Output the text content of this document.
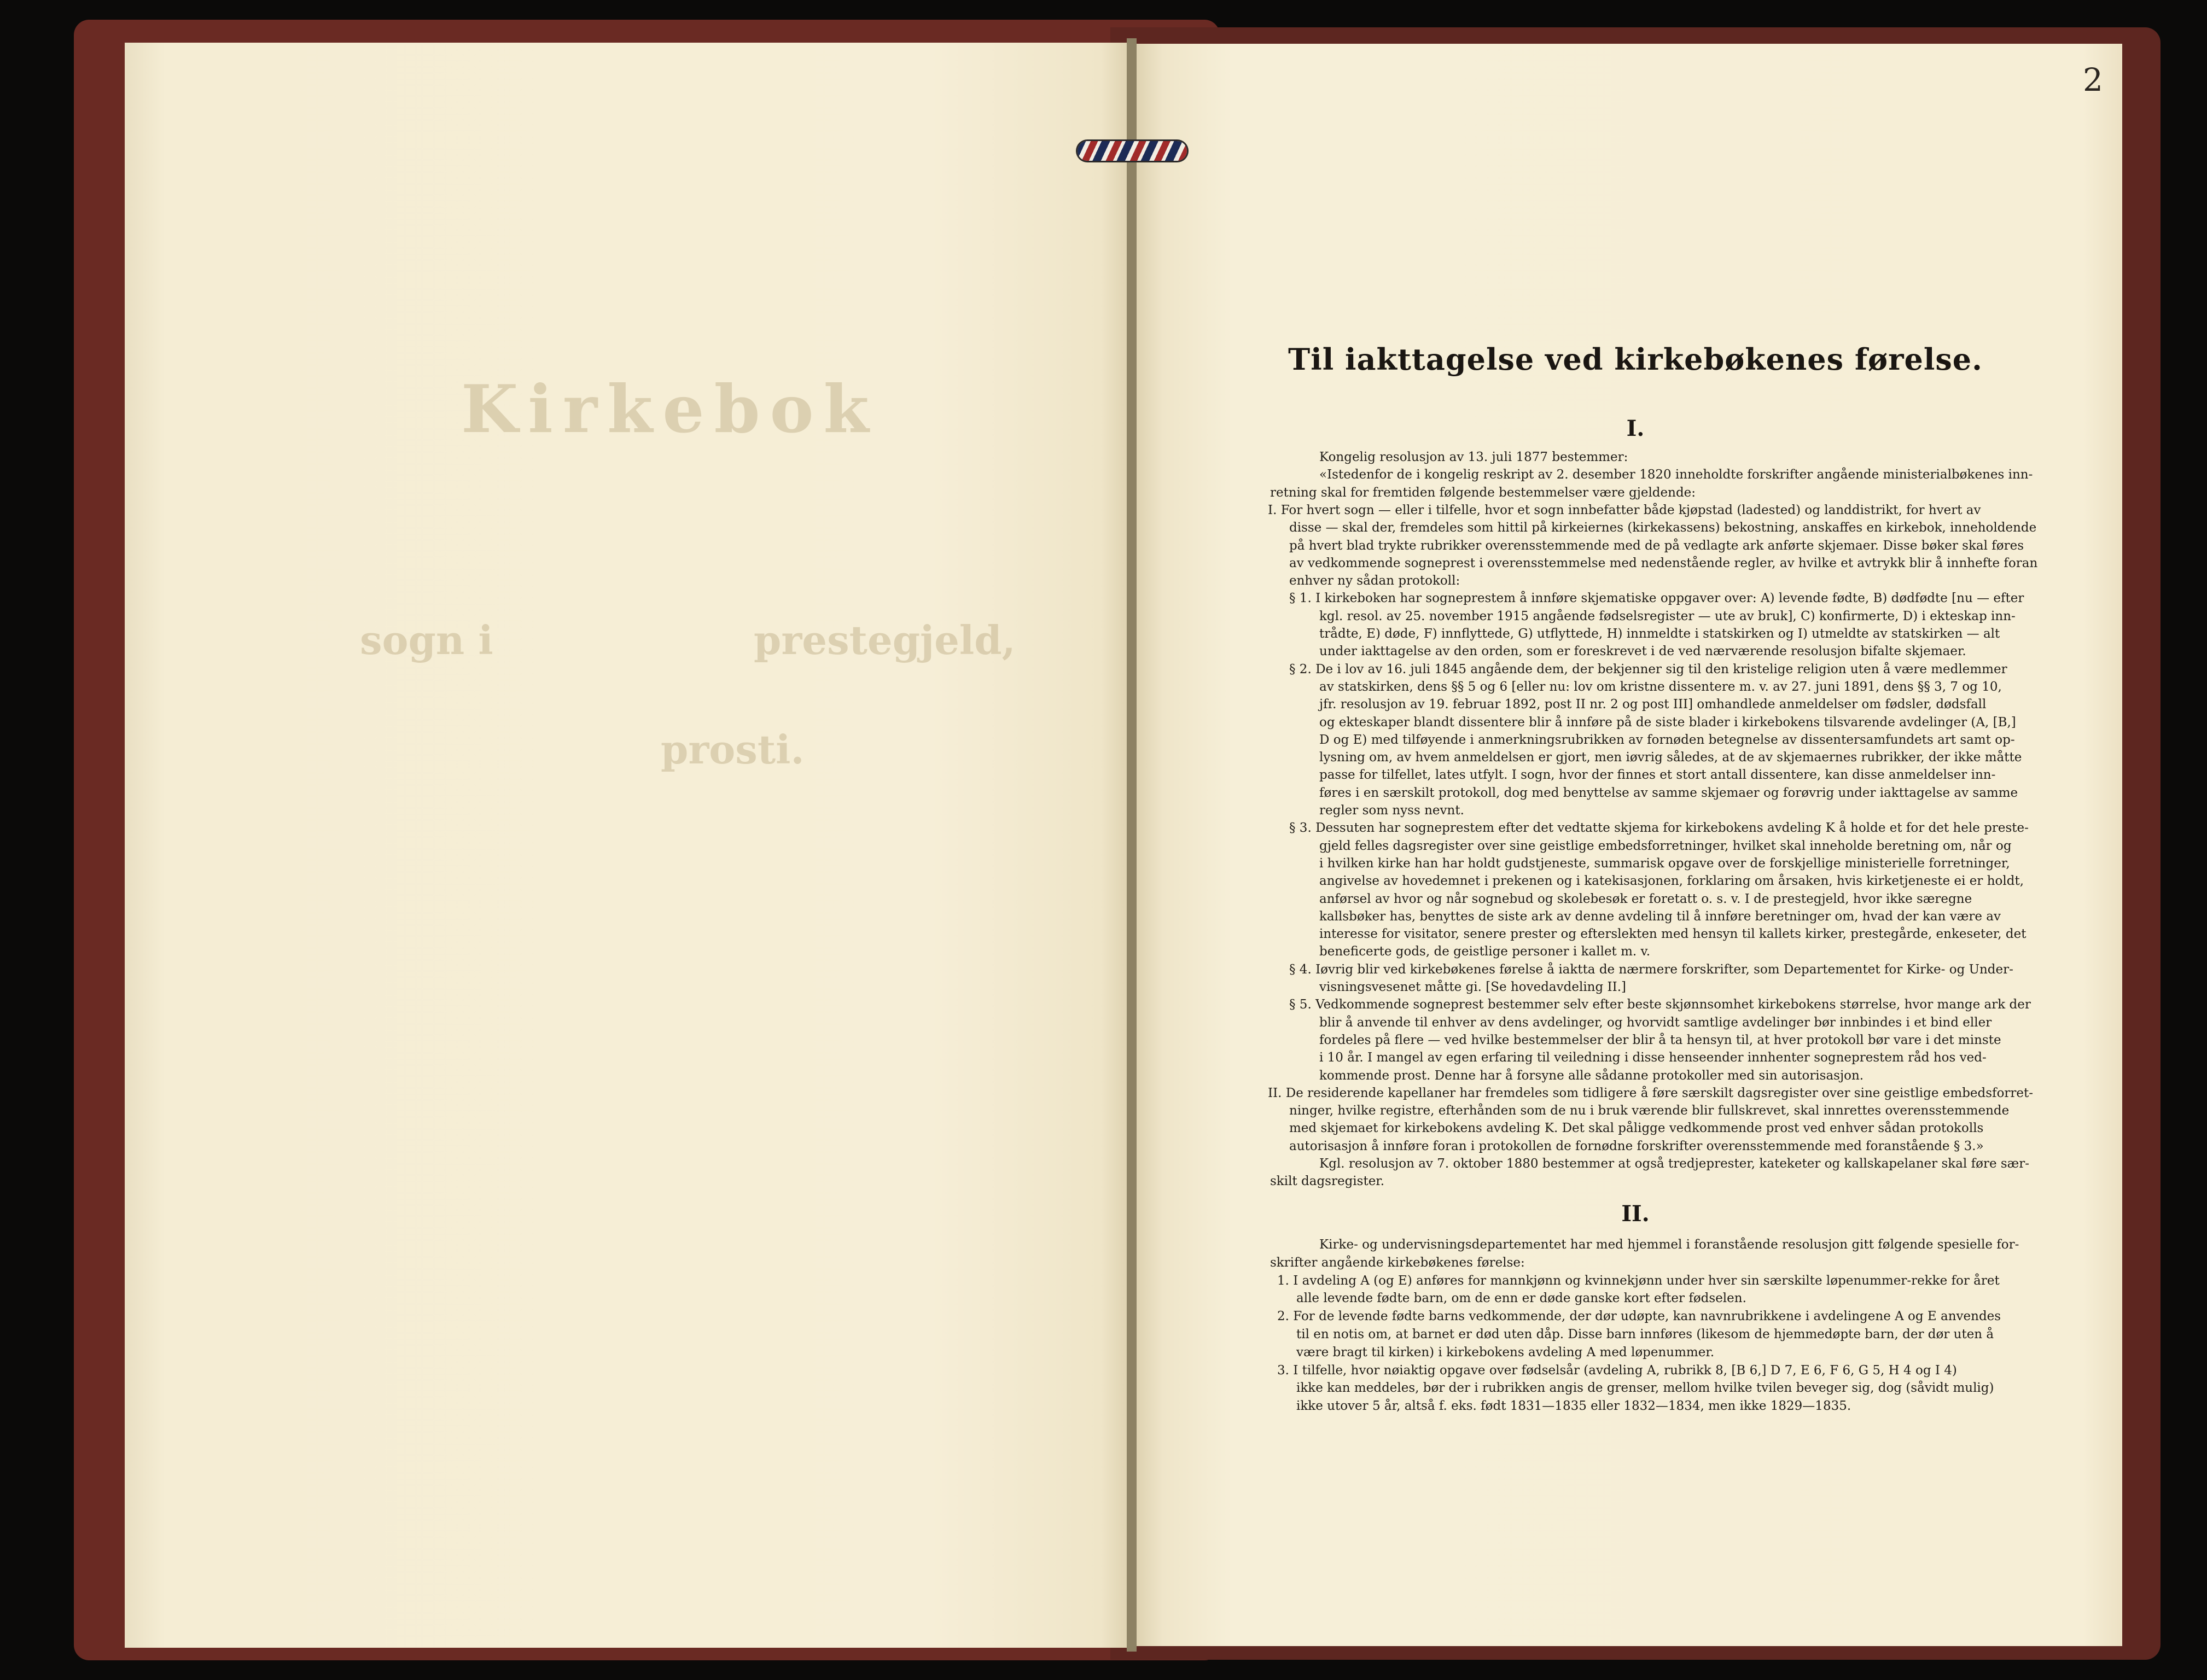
Kirkebok
sogn i	prestegjeld,
prosti.
2
Til iakttagelse ved kirkebøkenes førelse.
I.
Kongelig resolusjon av 13. juli 1877 bestemmer:
«Istedenfor de i kongelig reskript av 2. desember 1820 inneholdte forskrifter angående ministerialbøkenes inn-
retning skal for fremtiden følgende bestemmelser være gjeldende:
I. For hvert sogn — eller i tilfelle, hvor et sogn innbefatter både kjøpstad (ladested) og landdistrikt, for hvert av
disse — skal der, fremdeles som hittil på kirkeiernes (kirkekassens) bekostning, anskaffes en kirkebok, inneholdende
på hvert blad trykte rubrikker overensstemmende med de på vedlagte ark anførte skjemaer. Disse bøker skal føres
av vedkommende sogneprest i overensstemmelse med nedenstående regler, av hvilke et avtrykk blir å innhefte foran
enhver ny sådan protokoll:
§ 1. I kirkeboken har sogneprestem å innføre skjematiske oppgaver over: A) levende fødte, B) dødfødte [nu — efter
kgl. resol. av 25. november 1915 angående fødselsregister — ute av bruk], C) konfirmerte, D) i ekteskap inn-
trådte, E) døde, F) innflyttede, G) utflyttede, H) innmeldte i statskirken og I) utmeldte av statskirken — alt
under iakttagelse av den orden, som er foreskrevet i de ved nærværende resolusjon bifalte skjemaer.
§ 2. De i lov av 16. juli 1845 angående dem, der bekjenner sig til den kristelige religion uten å være medlemmer
av statskirken, dens §§ 5 og 6 [eller nu: lov om kristne dissentere m. v. av 27. juni 1891, dens §§ 3, 7 og 10,
jfr. resolusjon av 19. februar 1892, post II nr. 2 og post III] omhandlede anmeldelser om fødsler, dødsfall
og ekteskaper blandt dissentere blir å innføre på de siste blader i kirkebokens tilsvarende avdelinger (A, [B,]
D og E) med tilføyende i anmerkningsrubrikken av fornøden betegnelse av dissentersamfundets art samt op-
lysning om, av hvem anmeldelsen er gjort, men iøvrig således, at de av skjemaernes rubrikker, der ikke måtte
passe for tilfellet, lates utfylt. I sogn, hvor der finnes et stort antall dissentere, kan disse anmeldelser inn-
føres i en særskilt protokoll, dog med benyttelse av samme skjemaer og forøvrig under iakttagelse av samme
regler som nyss nevnt.
§ 3. Dessuten har sogneprestem efter det vedtatte skjema for kirkebokens avdeling K å holde et for det hele preste-
gjeld felles dagsregister over sine geistlige embedsforretninger, hvilket skal inneholde beretning om, når og
i hvilken kirke han har holdt gudstjeneste, summarisk opgave over de forskjellige ministerielle forretninger,
angivelse av hovedemnet i prekenen og i katekisasjonen, forklaring om årsaken, hvis kirketjeneste ei er holdt,
anførsel av hvor og når sognebud og skolebesøk er foretatt o. s. v. I de prestegjeld, hvor ikke særegne
kallsbøker has, benyttes de siste ark av denne avdeling til å innføre beretninger om, hvad der kan være av
interesse for visitator, senere prester og efterslekten med hensyn til kallets kirker, prestegårde, enkeseter, det
beneficerte gods, de geistlige personer i kallet m. v.
§ 4. Iøvrig blir ved kirkebøkenes førelse å iaktta de nærmere forskrifter, som Departementet for Kirke- og Under-
visningsvesenet måtte gi. [Se hovedavdeling II.]
§ 5. Vedkommende sogneprest bestemmer selv efter beste skjønnsomhet kirkebokens størrelse, hvor mange ark der
blir å anvende til enhver av dens avdelinger, og hvorvidt samtlige avdelinger bør innbindes i et bind eller
fordeles på flere — ved hvilke bestemmelser der blir å ta hensyn til, at hver protokoll bør vare i det minste
i 10 år. I mangel av egen erfaring til veiledning i disse henseender innhenter sogneprestem råd hos ved-
kommende prost. Denne har å forsyne alle sådanne protokoller med sin autorisasjon.
II. De residerende kapellaner har fremdeles som tidligere å føre særskilt dagsregister over sine geistlige embedsforret-
ninger, hvilke registre, efterhånden som de nu i bruk værende blir fullskrevet, skal innrettes overensstemmende
med skjemaet for kirkebokens avdeling K. Det skal påligge vedkommende prost ved enhver sådan protokolls
autorisasjon å innføre foran i protokollen de fornødne forskrifter overensstemmende med foranstående § 3.»
Kgl. resolusjon av 7. oktober 1880 bestemmer at også tredjeprester, kateketer og kallskapelaner skal føre sær-
skilt dagsregister.
II.
Kirke- og undervisningsdepartementet har med hjemmel i foranstående resolusjon gitt følgende spesielle for-
skrifter angående kirkebøkenes førelse:
1. I avdeling A (og E) anføres for mannkjønn og kvinnekjønn under hver sin særskilte løpenummer-rekke for året
alle levende fødte barn, om de enn er døde ganske kort efter fødselen.
2. For de levende fødte barns vedkommende, der dør udøpte, kan navnrubrikkene i avdelingene A og E anvendes
til en notis om, at barnet er død uten dåp. Disse barn innføres (likesom de hjemmedøpte barn, der dør uten å
være bragt til kirken) i kirkebokens avdeling A med løpenummer.
3. I tilfelle, hvor nøiaktig opgave over fødselsår (avdeling A, rubrikk 8, [B 6,] D 7, E 6, F 6, G 5, H 4 og I 4)
ikke kan meddeles, bør der i rubrikken angis de grenser, mellom hvilke tvilen beveger sig, dog (såvidt mulig)
ikke utover 5 år, altså f. eks. født 1831—1835 eller 1832—1834, men ikke 1829—1835.
